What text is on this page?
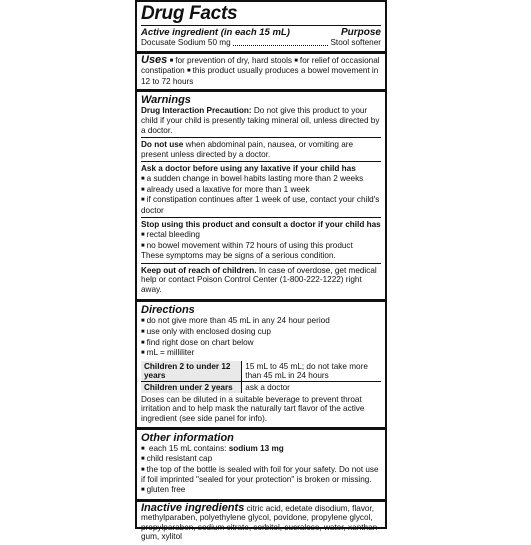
Drug Facts
Active ingredient (in each 15 mL)	Purpose
Docusate Sodium 50 mg	Stool softener
Uses ■ for prevention of dry, hard stools ■ for relief of occasional constipation ■ this product usually produces a bowel movement in 12 to 72 hours
Warnings
Drug Interaction Precaution: Do not give this product to your child if your child is presently taking mineral oil, unless directed by a doctor.
Do not use when abdominal pain, nausea, or vomiting are present unless directed by a doctor.
Ask a doctor before using any laxative if your child has
■ a sudden change in bowel habits lasting more than 2 weeks
■ already used a laxative for more than 1 week
■ if constipation continues after 1 week of use, contact your child's doctor
Stop using this product and consult a doctor if your child has
■ rectal bleeding
■ no bowel movement within 72 hours of using this product
These symptoms may be signs of a serious condition.
Keep out of reach of children. In case of overdose, get medical help or contact Poison Control Center (1-800-222-1222) right away.
Directions
■ do not give more than 45 mL in any 24 hour period
■ use only with enclosed dosing cup
■ find right dose on chart below
■ mL = milliliter
Children 2 to under 12 years	15 mL to 45 mL; do not take more than 45 mL in 24 hours
Children under 2 years	ask a doctor
Doses can be diluted in a suitable beverage to prevent throat irritation and to help mask the naturally tart flavor of the active ingredient (see side panel for info).
Other information
■ each 15 mL contains: sodium 13 mg
■ child resistant cap
■ the top of the bottle is sealed with foil for your safety. Do not use if foil imprinted "sealed for your protection" is broken or missing.
■ gluten free
Inactive ingredients citric acid, edetate disodium, flavor, methylparaben, polyethylene glycol, povidone, propylene glycol, propylparaben, sodium citrate, sorbitol, sucralose, water, xanthan gum, xylitol
